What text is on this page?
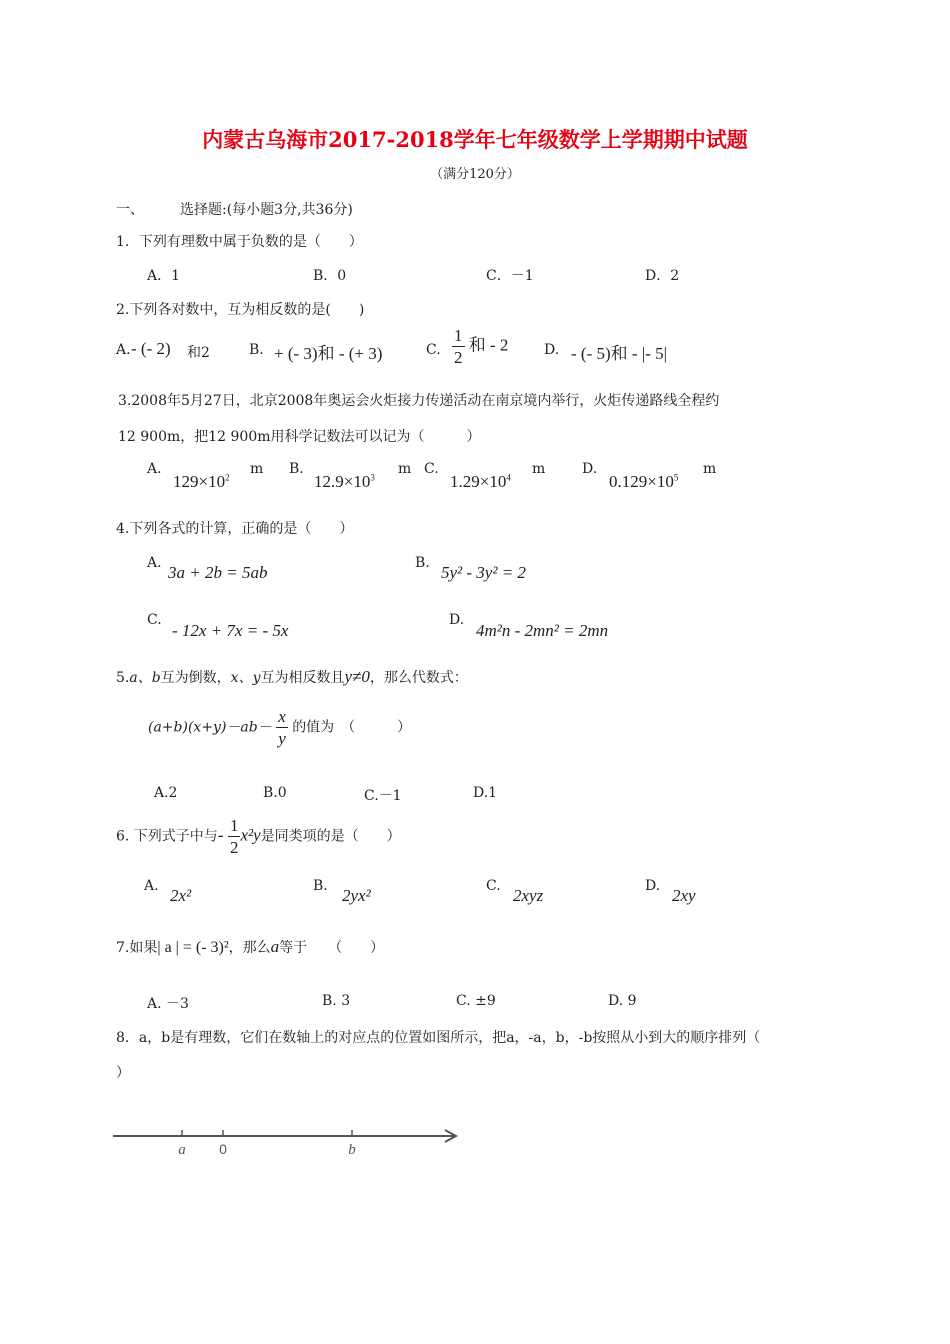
内蒙古乌海市2017-2018学年七年级数学上学期期中试题
（满分120分）
一、	选择题:(每小题3分,共36分)
1．下列有理数中属于负数的是（　　）
A．1	B．0	C．－1	D．2
2.下列各对数中，互为相反数的是(　　)
A. - (- 2) 和2	B. + (- 3)和 - (+ 3)	C. $\frac{1}{2}$ 和 - 2	D. - (- 5)和 - |- 5|
3.2008年5月27日，北京2008年奥运会火炬接力传递活动在南京境内举行，火炬传递路线全程约
12 900m，把12 900m用科学记数法可以记为（　　　）
A.
$129\times 10^2$
m B.
$12.9\times 10^3$
m C.
$1.29\times 10^4$
m	D.
$0.129\times 10^5$
m
4.下列各式的计算，正确的是（　　）
A. 3a + 2b = 5ab	B. 5y² - 3y² = 2
C.
- 12x + 7x = - 5x
D.
4m²n - 2mn² = 2mn
5.a、b互为倒数，x、y互为相反数且y≠0，那么代数式：
$(a+b)(x+y)-ab- \frac{x}{y}$ 的值为　（　　　）
A.2	B.0	C.－1	D.1
6. 下列式子中与- $\frac{1}{2} x^2y$是同类项的是（　　）
A. 2x²	B. 2yx²	C. 2xyz	D. 2xy
7.如果| a | = (- 3)²，那么a等于　　（　　）
A. －3	B. 3	C. ±9	D. 9
8．a，b是有理数，它们在数轴上的对应点的位置如图所示，把a，-a，b，-b按照从小到大的顺序排列（
）
a 0	b
